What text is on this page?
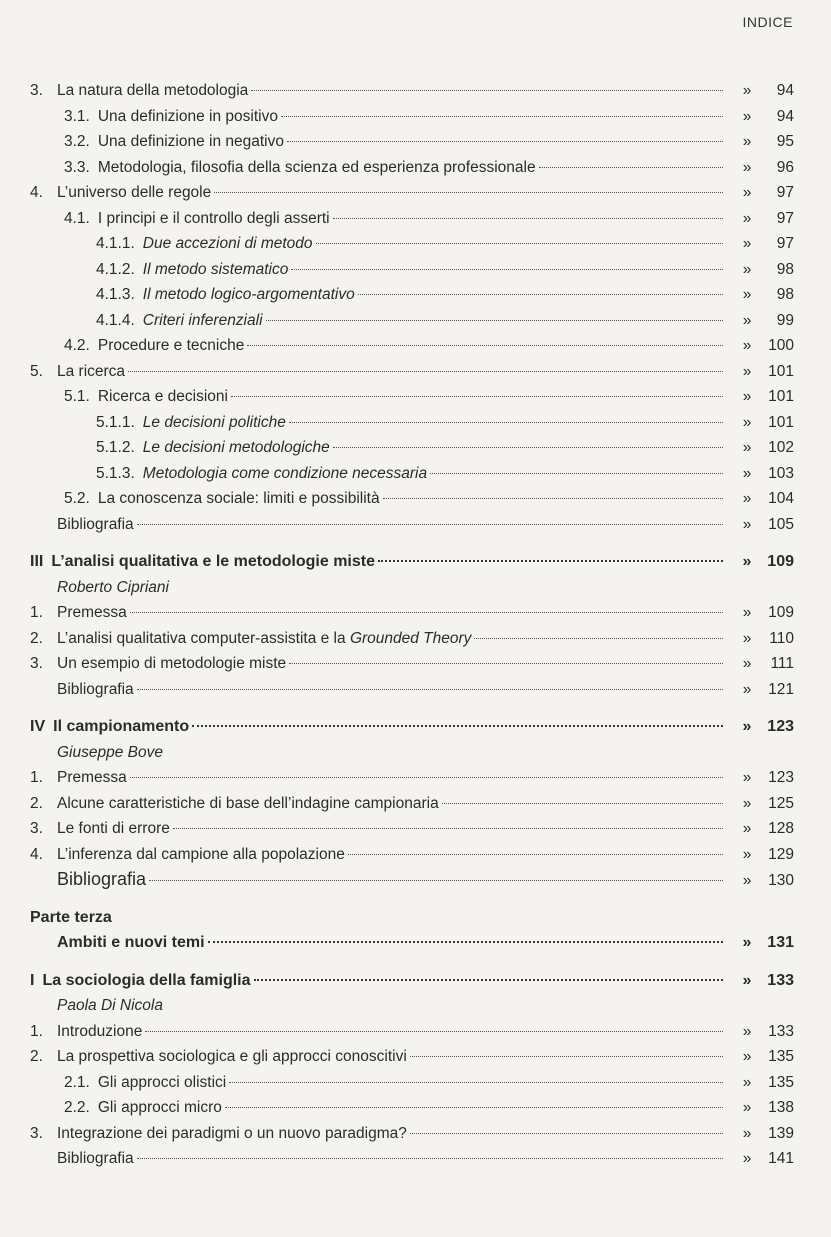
INDICE
3. La natura della metodologia	»	94
3.1. Una definizione in positivo	»	94
3.2. Una definizione in negativo	»	95
3.3. Metodologia, filosofia della scienza ed esperienza professionale	»	96
4. L’universo delle regole	»	97
4.1. I principi e il controllo degli asserti	»	97
4.1.1. Due accezioni di metodo	»	97
4.1.2. Il metodo sistematico	»	98
4.1.3. Il metodo logico-argomentativo	»	98
4.1.4. Criteri inferenziali	»	99
4.2. Procedure e tecniche	»	100
5. La ricerca	»	101
5.1. Ricerca e decisioni	»	101
5.1.1. Le decisioni politiche	»	101
5.1.2. Le decisioni metodologiche	»	102
5.1.3. Metodologia come condizione necessaria	»	103
5.2. La conoscenza sociale: limiti e possibilità	»	104
Bibliografia	»	105
III L’analisi qualitativa e le metodologie miste	» 109
Roberto Cipriani
1. Premessa	»	109
2. L’analisi qualitativa computer-assistita e la Grounded Theory	»	110
3. Un esempio di metodologie miste	»	111
Bibliografia	»	121
IV Il campionamento	» 123
Giuseppe Bove
1. Premessa	»	123
2. Alcune caratteristiche di base dell’indagine campionaria	»	125
3. Le fonti di errore	»	128
4. L’inferenza dal campione alla popolazione	»	129
Bibliografia	»	130
Parte terza
Ambiti e nuovi temi	» 131
I La sociologia della famiglia	» 133
Paola Di Nicola
1. Introduzione	»	133
2. La prospettiva sociologica e gli approcci conoscitivi	»	135
2.1. Gli approcci olistici	»	135
2.2. Gli approcci micro	»	138
3. Integrazione dei paradigmi o un nuovo paradigma?	»	139
Bibliografia	»	141
